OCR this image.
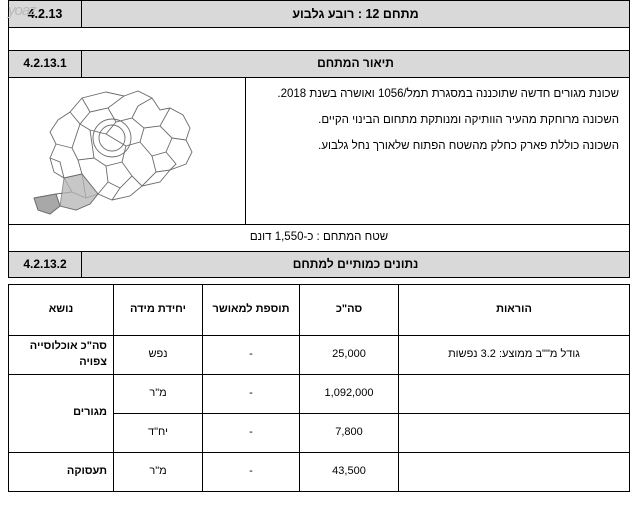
yoaz	מתחם 12 : רובע גלבוע	4.2.13
תיאור המתחם	4.2.13.1

שכונת מגורים חדשה שתוכננה במסגרת תמל/1056 ואושרה בשנת 2018.

השכונה מרוחקת מהעיר הוותיקה ומנותקת מתחום הבינוי הקיים.

השכונה כוללת פארק כחלק מהשטח הפתוח שלאורך נחל גלבוע.

שטח המתחם : כ-1,550 דונם
נתונים כמותיים למתחם	4.2.13.2
הוראות	סה"כ	תוספת למאושר	יחידת מידה	נושא
גודל מ""ב ממוצע: 3.2 נפשות	25,000	-	נפש	סה"כ אוכלוסייה צפויה
	1,092,000	-	מ"ר	מגורים
	7,800	-	יח"ד	
	43,500	-	מ"ר	תעסוקה
